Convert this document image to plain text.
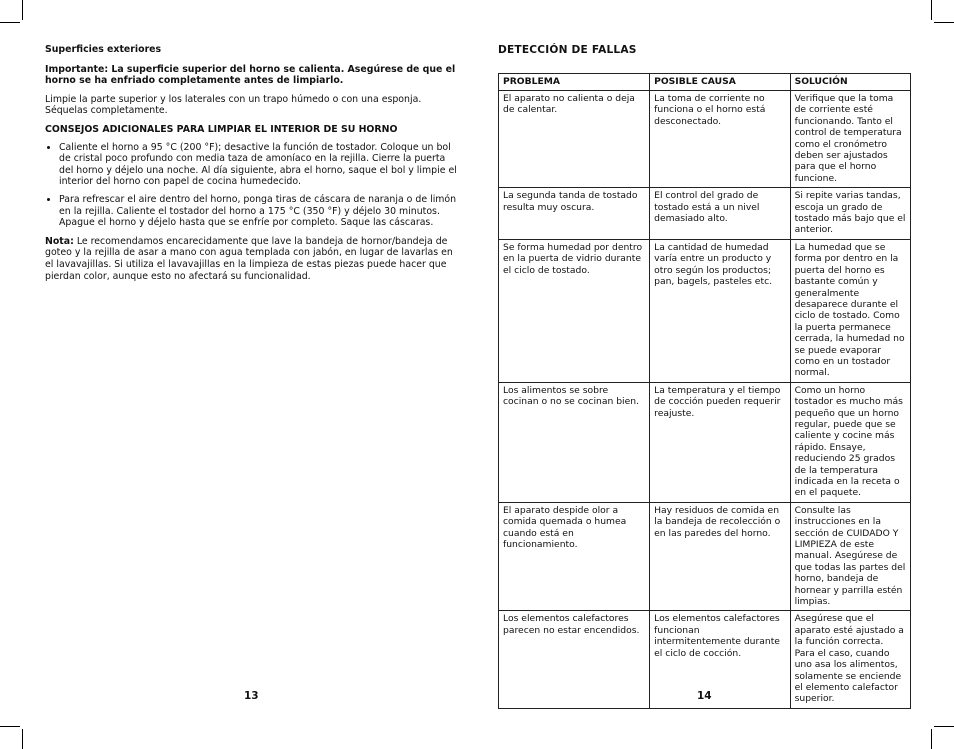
Superficies exteriores
Importante: La superficie superior del horno se calienta. Asegúrese de que el horno se ha enfriado completamente antes de limpiarlo.
Limpie la parte superior y los laterales con un trapo húmedo o con una esponja. Séquelas completamente.
CONSEJOS ADICIONALES PARA LIMPIAR EL INTERIOR DE SU HORNO
• Caliente el horno a 95 °C (200 °F); desactive la función de tostador. Coloque un bol de cristal poco profundo con media taza de amoníaco en la rejilla. Cierre la puerta del horno y déjelo una noche. Al día siguiente, abra el horno, saque el bol y limpie el interior del horno con papel de cocina humedecido.
• Para refrescar el aire dentro del horno, ponga tiras de cáscara de naranja o de limón en la rejilla. Caliente el tostador del horno a 175 °C (350 °F) y déjelo 30 minutos. Apague el horno y déjelo hasta que se enfríe por completo. Saque las cáscaras.
Nota: Le recomendamos encarecidamente que lave la bandeja de hornor/bandeja de goteo y la rejilla de asar a mano con agua templada con jabón, en lugar de lavarlas en el lavavajillas. Si utiliza el lavavajillas en la limpieza de estas piezas puede hacer que pierdan color, aunque esto no afectará su funcionalidad.
13
DETECCIÓN DE FALLAS
PROBLEMA	POSIBLE CAUSA	SOLUCIÓN
El aparato no calienta o deja de calentar.	La toma de corriente no funciona o el horno está desconectado.	Verifique que la toma de corriente esté funcionando. Tanto el control de temperatura como el cronómetro deben ser ajustados para que el horno funcione.
La segunda tanda de tostado resulta muy oscura.	El control del grado de tostado está a un nivel demasiado alto.	Si repite varias tandas, escoja un grado de tostado más bajo que el anterior.
Se forma humedad por dentro en la puerta de vidrio durante el ciclo de tostado.	La cantidad de humedad varía entre un producto y otro según los productos; pan, bagels, pasteles etc.	La humedad que se forma por dentro en la puerta del horno es bastante común y generalmente desaparece durante el ciclo de tostado. Como la puerta permanece cerrada, la humedad no se puede evaporar como en un tostador normal.
Los alimentos se sobre cocinan o no se cocinan bien.	La temperatura y el tiempo de cocción pueden requerir reajuste.	Como un horno tostador es mucho más pequeño que un horno regular, puede que se caliente y cocine más rápido. Ensaye, reduciendo 25 grados de la temperatura indicada en la receta o en el paquete.
El aparato despide olor a comida quemada o humea cuando está en funcionamiento.	Hay residuos de comida en la bandeja de recolección o en las paredes del horno.	Consulte las instrucciones en la sección de CUIDADO Y LIMPIEZA de este manual. Asegúrese de que todas las partes del horno, bandeja de hornear y parrilla estén limpias.
Los elementos calefactores parecen no estar encendidos.	Los elementos calefactores funcionan intermitentemente durante el ciclo de cocción.	Asegúrese que el aparato esté ajustado a la función correcta. Para el caso, cuando uno asa los alimentos, solamente se enciende el elemento calefactor superior.
14
